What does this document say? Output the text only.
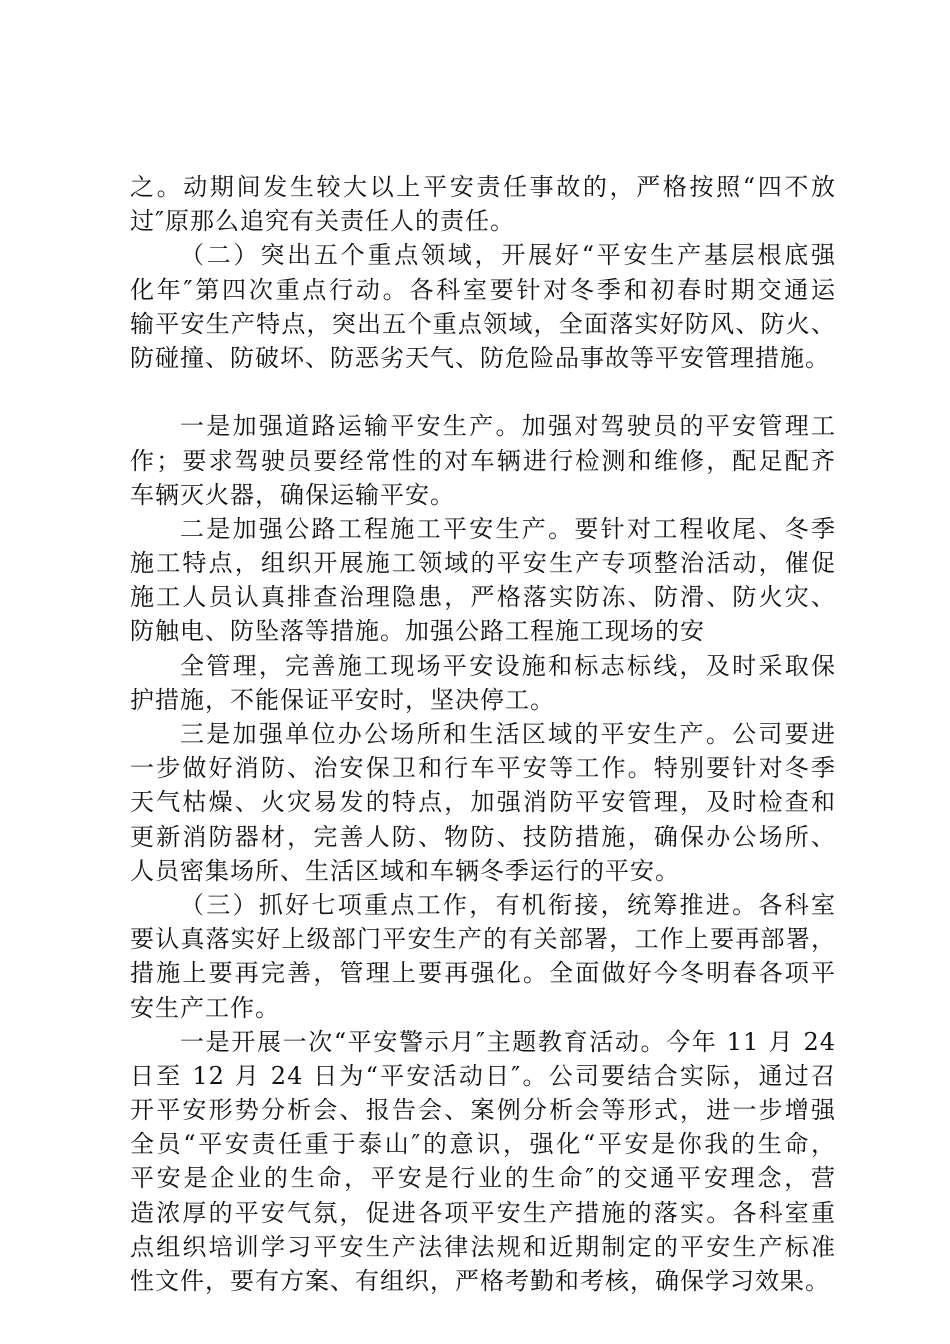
之。动期间发生较大以上平安责任事故的，严格按照“四不放
过″原那么追究有关责任人的责任。
（二）突出五个重点领域，开展好“平安生产基层根底强
化年″第四次重点行动。各科室要针对冬季和初春时期交通运
输平安生产特点，突出五个重点领域，全面落实好防风、防火、
防碰撞、防破坏、防恶劣天气、防危险品事故等平安管理措施。
一是加强道路运输平安生产。加强对驾驶员的平安管理工
作；要求驾驶员要经常性的对车辆进行检测和维修，配足配齐
车辆灭火器，确保运输平安。
二是加强公路工程施工平安生产。要针对工程收尾、冬季
施工特点，组织开展施工领域的平安生产专项整治活动，催促
施工人员认真排查治理隐患，严格落实防冻、防滑、防火灾、
防触电、防坠落等措施。加强公路工程施工现场的安
全管理，完善施工现场平安设施和标志标线，及时采取保
护措施，不能保证平安时，坚决停工。
三是加强单位办公场所和生活区域的平安生产。公司要进
一步做好消防、治安保卫和行车平安等工作。特别要针对冬季
天气枯燥、火灾易发的特点，加强消防平安管理，及时检查和
更新消防器材，完善人防、物防、技防措施，确保办公场所、
人员密集场所、生活区域和车辆冬季运行的平安。
（三）抓好七项重点工作，有机衔接，统筹推进。各科室
要认真落实好上级部门平安生产的有关部署，工作上要再部署，
措施上要再完善，管理上要再强化。全面做好今冬明春各项平
安生产工作。
一是开展一次“平安警示月″主题教育活动。今年 11 月 24
日至 12 月 24 日为“平安活动日″。公司要结合实际，通过召
开平安形势分析会、报告会、案例分析会等形式，进一步增强
全员“平安责任重于泰山″的意识，强化“平安是你我的生命，
平安是企业的生命，平安是行业的生命″的交通平安理念，营
造浓厚的平安气氛，促进各项平安生产措施的落实。各科室重
点组织培训学习平安生产法律法规和近期制定的平安生产标准
性文件，要有方案、有组织，严格考勤和考核，确保学习效果。
